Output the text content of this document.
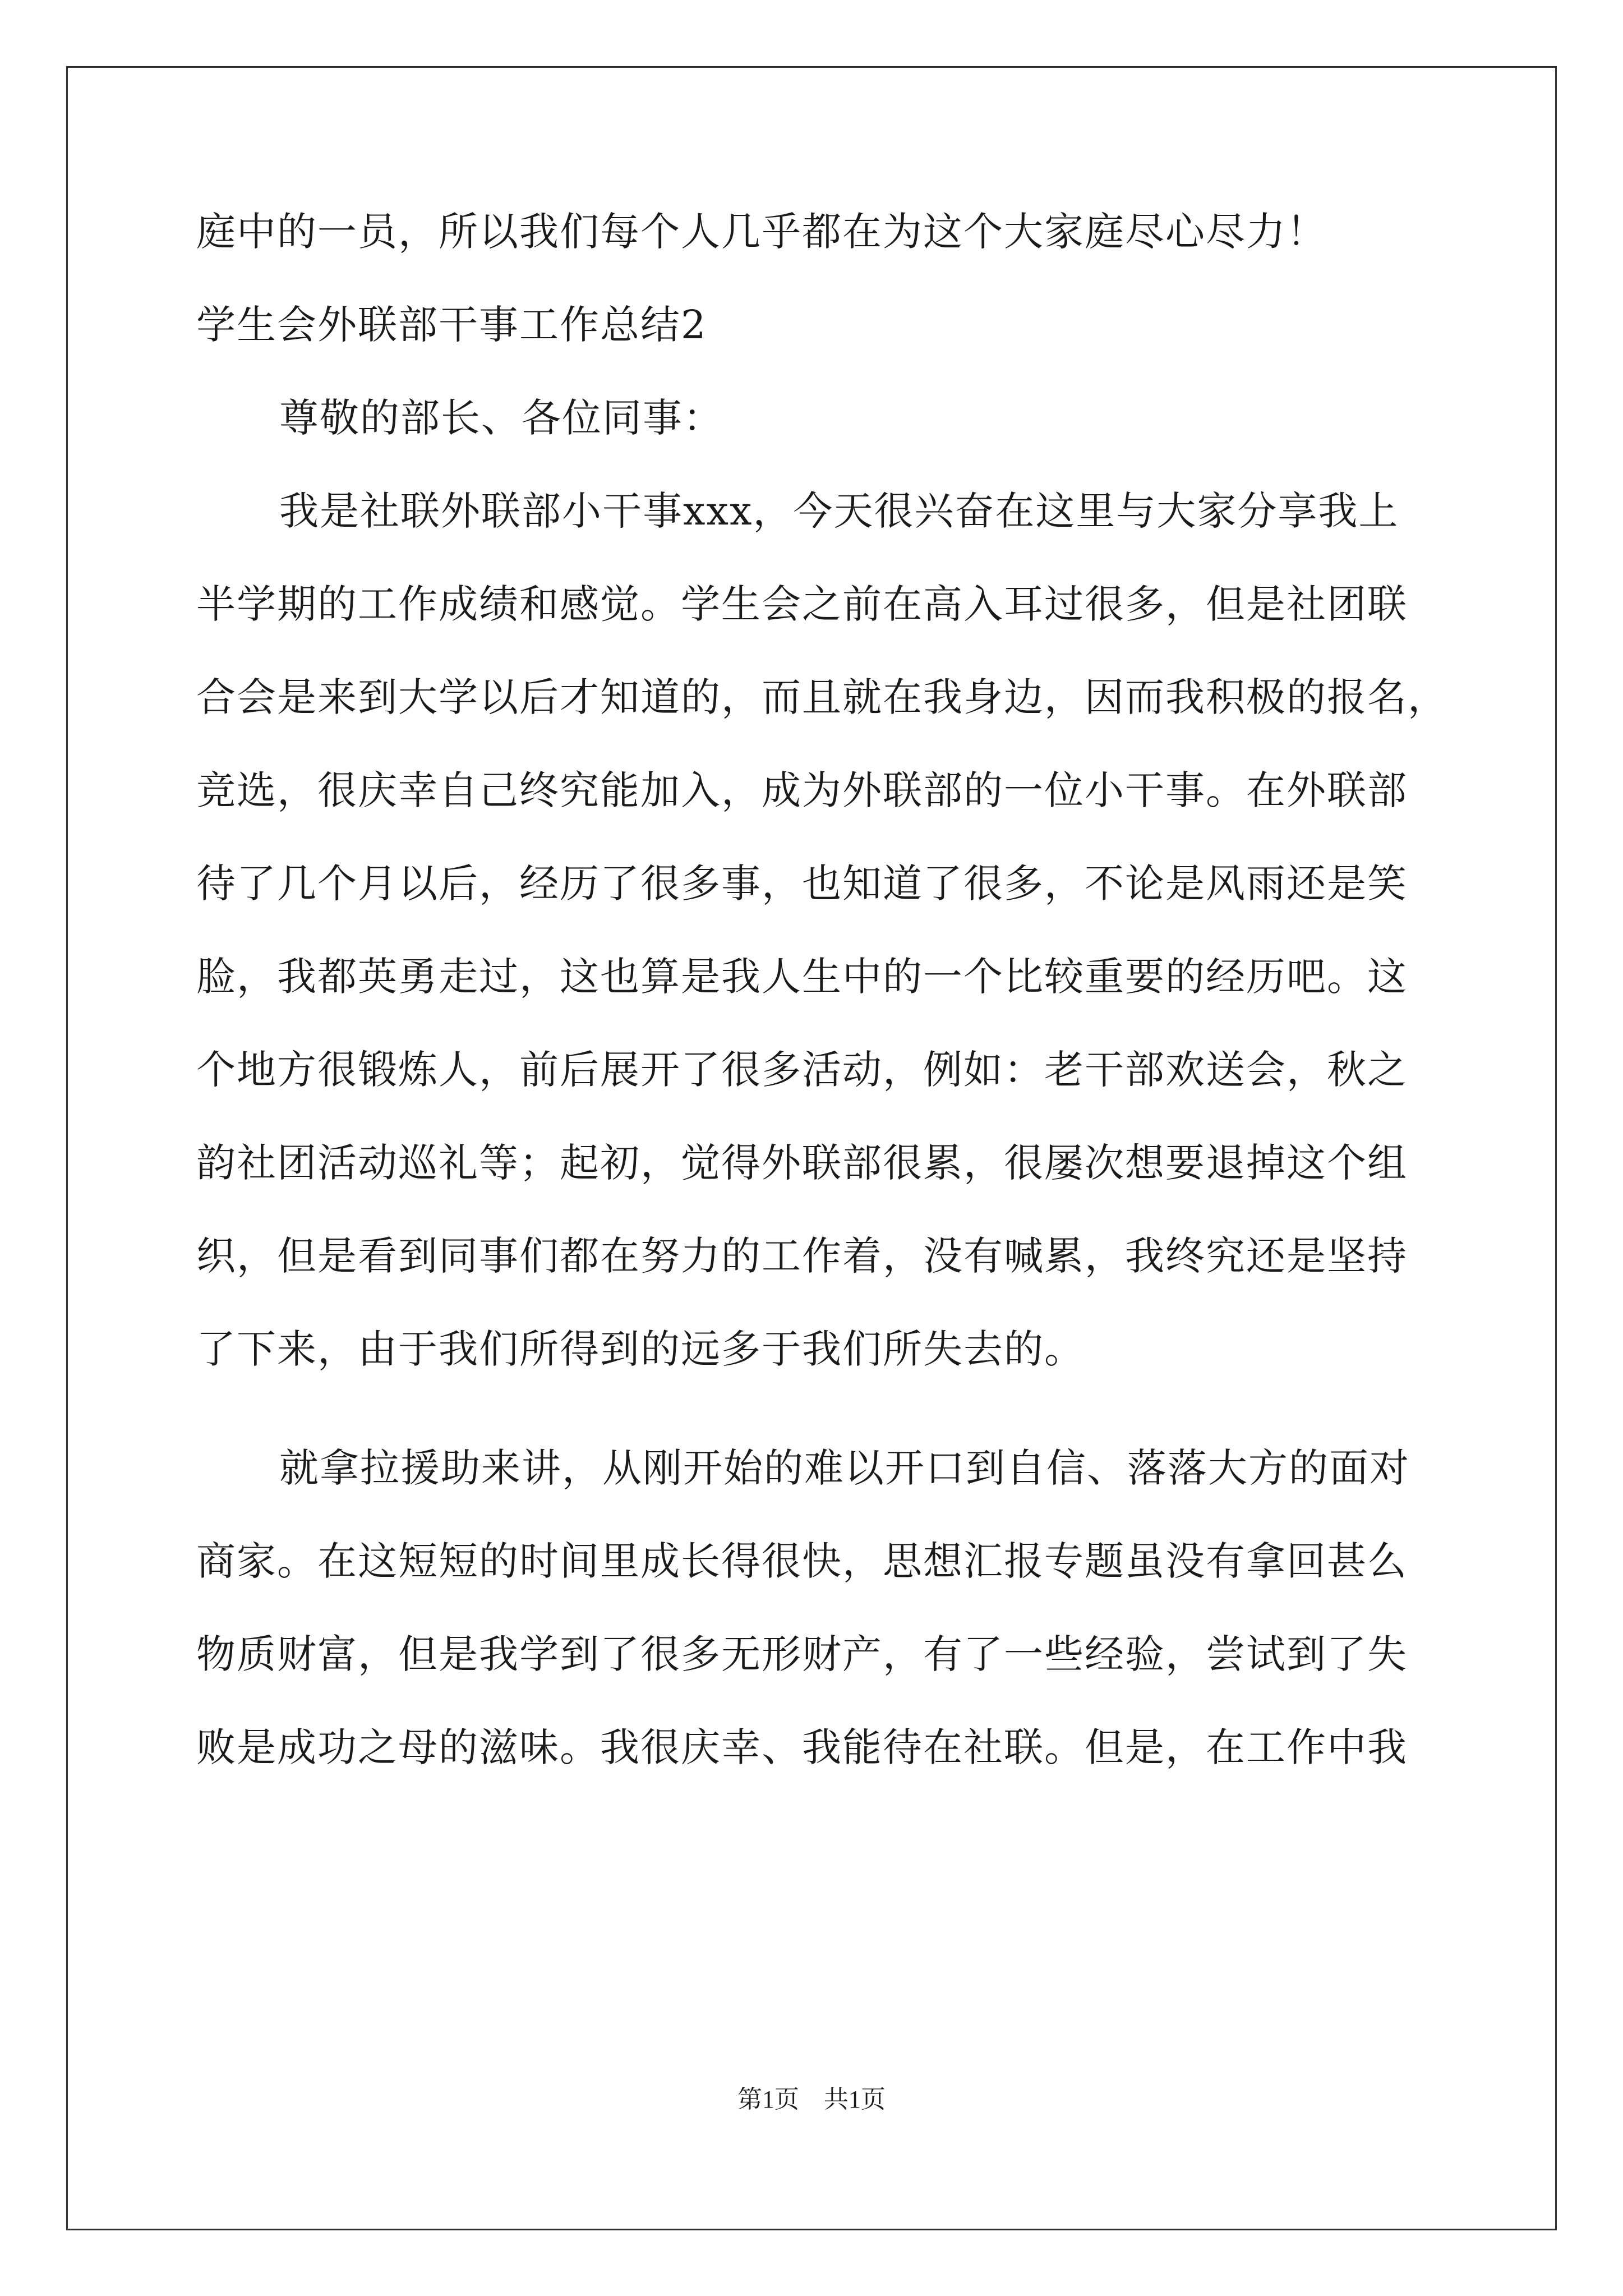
庭中的一员，所以我们每个人几乎都在为这个大家庭尽心尽力！
学生会外联部干事工作总结2
尊敬的部长、各位同事：
我是社联外联部小干事xxx，今天很兴奋在这里与大家分享我上
半学期的工作成绩和感觉。学生会之前在高入耳过很多，但是社团联
合会是来到大学以后才知道的，而且就在我身边，因而我积极的报名，
竞选，很庆幸自己终究能加入，成为外联部的一位小干事。在外联部
待了几个月以后，经历了很多事，也知道了很多，不论是风雨还是笑
脸，我都英勇走过，这也算是我人生中的一个比较重要的经历吧。这
个地方很锻炼人，前后展开了很多活动，例如：老干部欢送会，秋之
韵社团活动巡礼等；起初，觉得外联部很累，很屡次想要退掉这个组
织，但是看到同事们都在努力的工作着，没有喊累，我终究还是坚持
了下来，由于我们所得到的远多于我们所失去的。
就拿拉援助来讲，从刚开始的难以开口到自信、落落大方的面对
商家。在这短短的时间里成长得很快，思想汇报专题虽没有拿回甚么
物质财富，但是我学到了很多无形财产，有了一些经验，尝试到了失
败是成功之母的滋味。我很庆幸、我能待在社联。但是，在工作中我
第1页 共1页
